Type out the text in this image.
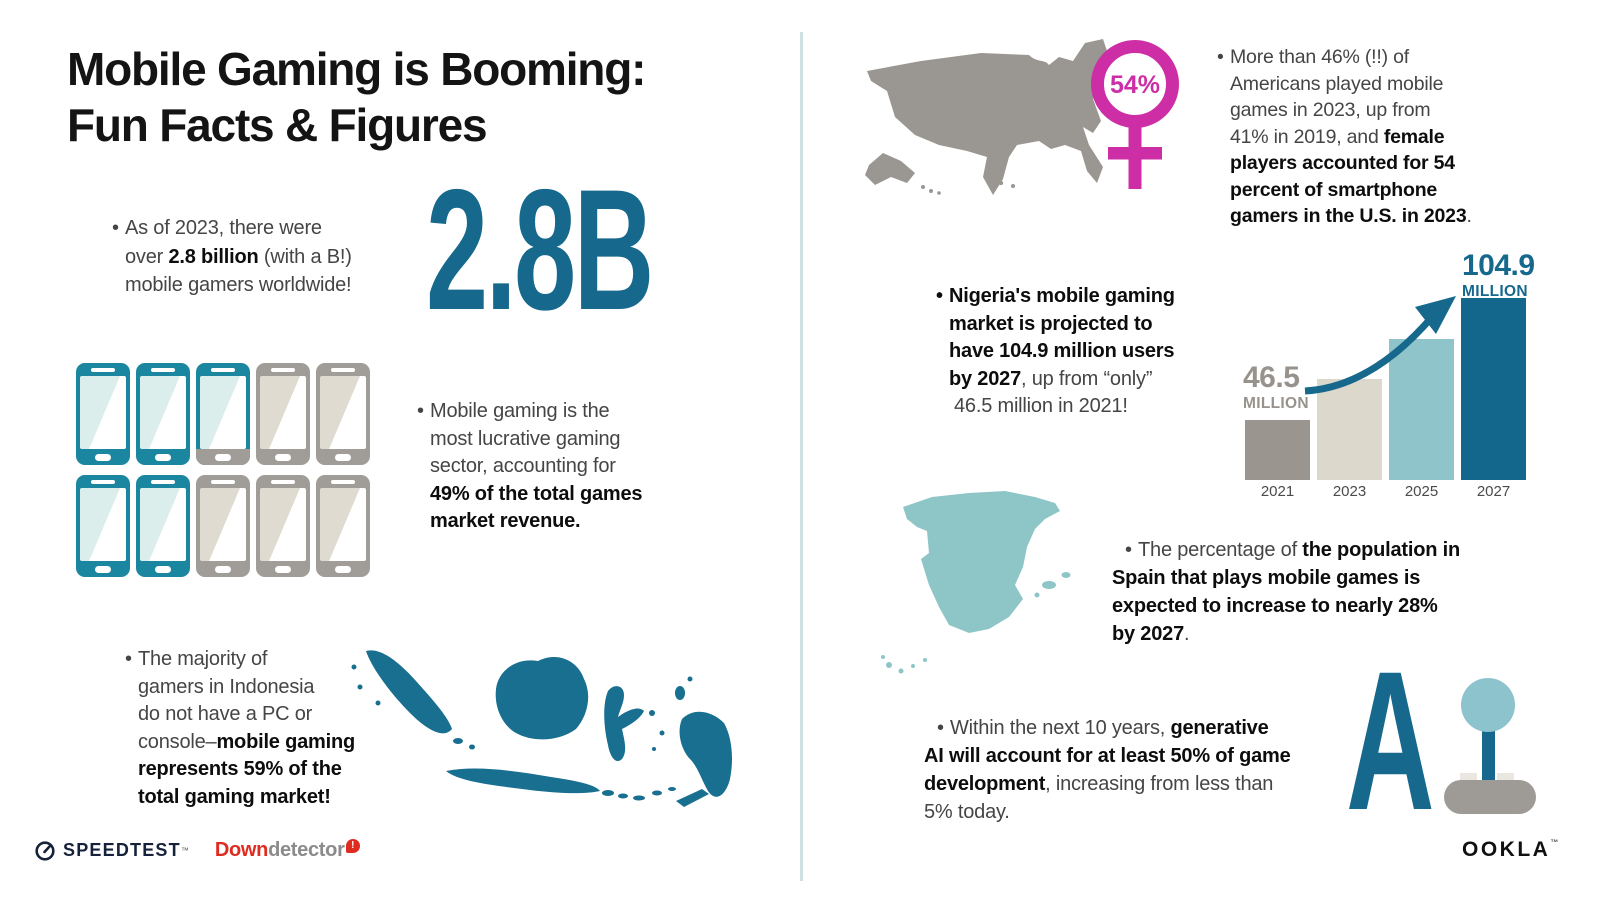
Mobile Gaming is Booming:
Fun Facts & Figures
• As of 2023, there were
over 2.8 billion (with a B!)
mobile gamers worldwide! 2.8B
• Mobile gaming is the
most lucrative gaming
sector, accounting for
49% of the total games
market revenue.
• The majority of
gamers in Indonesia
do not have a PC or
console–mobile gaming
represents 59% of the
total gaming market!
SPEEDTEST ™ Downdetector !
54%
• More than 46% (!!) of
Americans played mobile
games in 2023, up from
41% in 2019, and female
players accounted for 54
percent of smartphone
gamers in the U.S. in 2023.
• Nigeria's mobile gaming
market is projected to
have 104.9 million users
by 2027, up from “only”
46.5 million in 2021!
2021	2023	2025	2027
46.5
MILLION
104.9
MILLION
• The percentage of the population in
Spain that plays mobile games is
expected to increase to nearly 28%
by 2027.
• Within the next 10 years, generative
AI will account for at least 50% of game
development, increasing from less than
5% today.	A OOKLA™
